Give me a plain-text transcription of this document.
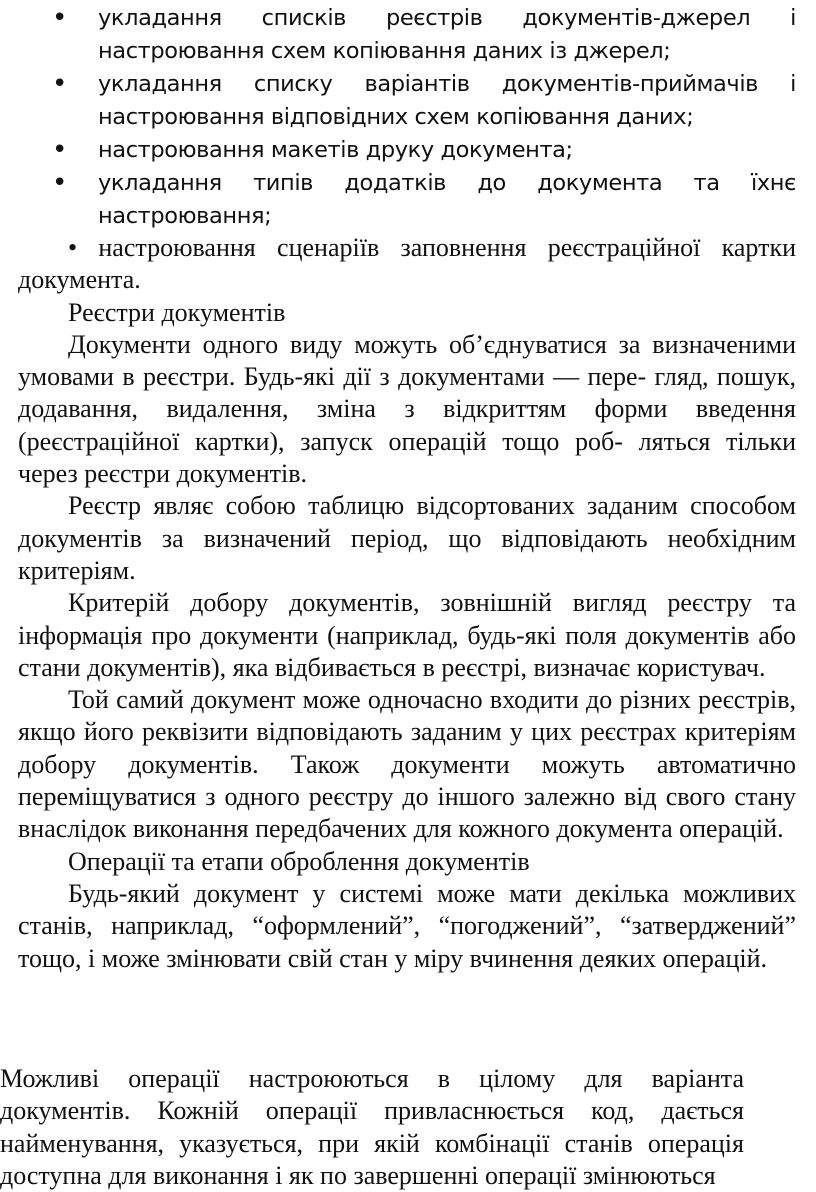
• укладання списків реєстрів документів-джерел і настроювання схем копіювання даних із джерел;
• укладання списку варіантів документів-приймачів і настроювання відповідних схем копіювання даних;
• настроювання макетів друку документа;
• укладання типів додатків до документа та їхнє настроювання;

• настроювання сценаріїв заповнення реєстраційної картки документа.

Реєстри документів

Документи одного виду можуть об’єднуватися за визначеними умовами в реєстри. Будь-які дії з документами — пере- гляд, пошук, додавання, видалення, зміна з відкриттям форми введення (реєстраційної картки), запуск операцій тощо роб- ляться тільки через реєстри документів.

Реєстр являє собою таблицю відсортованих заданим способом документів за визначений період, що відповідають необхідним критеріям.

Критерій добору документів, зовнішній вигляд реєстру та інформація про документи (наприклад, будь-які поля документів або стани документів), яка відбивається в реєстрі, визначає користувач.

Той самий документ може одночасно входити до різних реєстрів, якщо його реквізити відповідають заданим у цих реєстрах критеріям добору документів. Також документи можуть автоматично переміщуватися з одного реєстру до іншого залежно від свого стану внаслідок виконання передбачених для кожного документа операцій.

Операції та етапи оброблення документів

Будь-який документ у системі може мати декілька можливих станів, наприклад, “оформлений”, “погоджений”, “затверджений” тощо, і може змінювати свій стан у міру вчинення деяких операцій.

Можливі операції настроюються в цілому для варіанта документів. Кожній операції привласнюється код, дається найменування, указується, при якій комбінації станів операція доступна для виконання і як по завершенні операції змінюються
